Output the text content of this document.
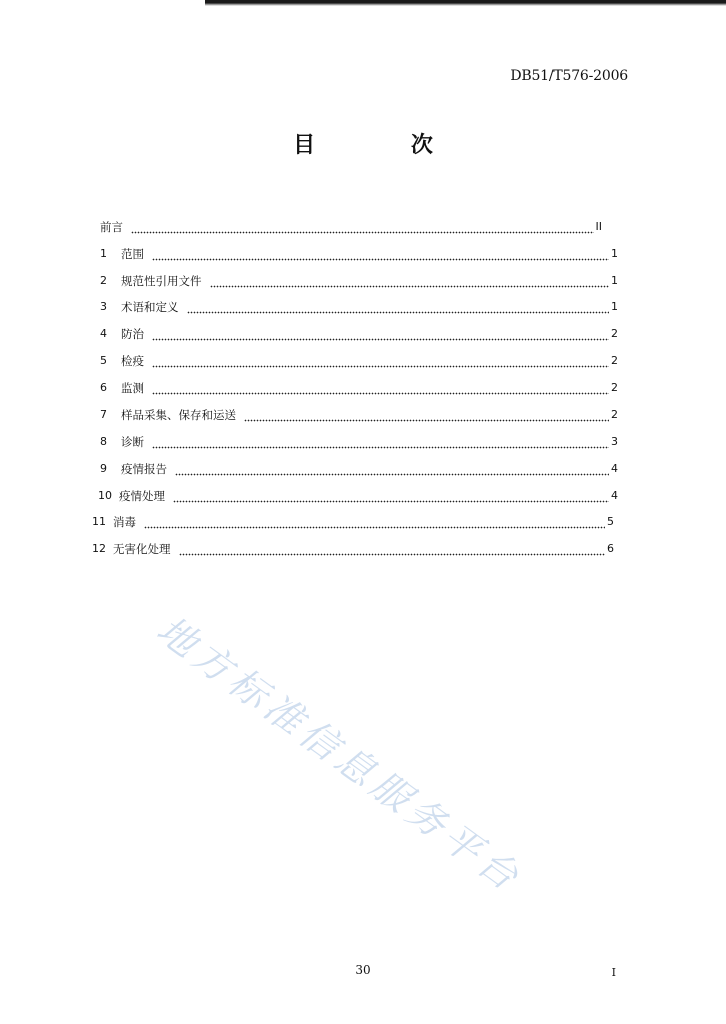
DB51/T576-2006
目 次
前言	II
1	范围	1
2	规范性引用文件	1
3	术语和定义	1
4	防治	2
5	检疫	2
6	监测	2
7	样品采集、保存和运送	2
8	诊断	3
9	疫情报告	4
10 疫情处理	4
11 消毒	5
12 无害化处理	6
地方标准信息服务平台
30	I
